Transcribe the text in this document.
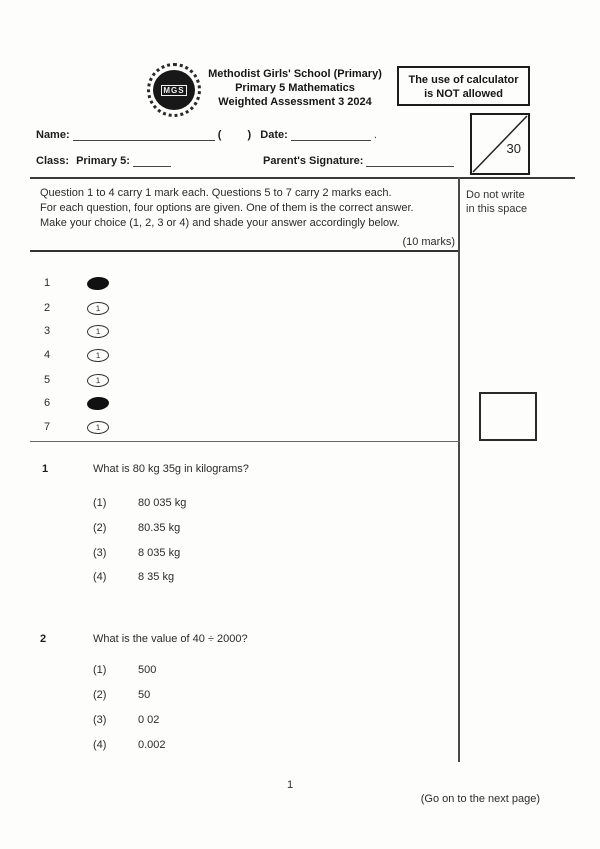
MGS
Methodist Girls' School (Primary)
Primary 5 Mathematics
Weighted Assessment 3 2024
The use of calculator
is NOT allowed
30
Name:	( ) Date:	.
Class: Primary 5:	Parent's Signature:
Question 1 to 4 carry 1 mark each. Questions 5 to 7 carry 2 marks each.
For each question, four options are given. One of them is the correct answer.
Make your choice (1, 2, 3 or 4) and shade your answer accordingly below.
(10 marks)
Do not write
in this space
1
2	1
3	1
4	1
5	1
6
7	1
1	What is 80 kg 35g in kilograms?
(1)	80 035 kg
(2)	80.35 kg
(3)	8 035 kg
(4)	8 35 kg
2	What is the value of 40 ÷ 2000?
(1)	500
(2)	50
(3)	0 02
(4)	0.002
1
(Go on to the next page)
